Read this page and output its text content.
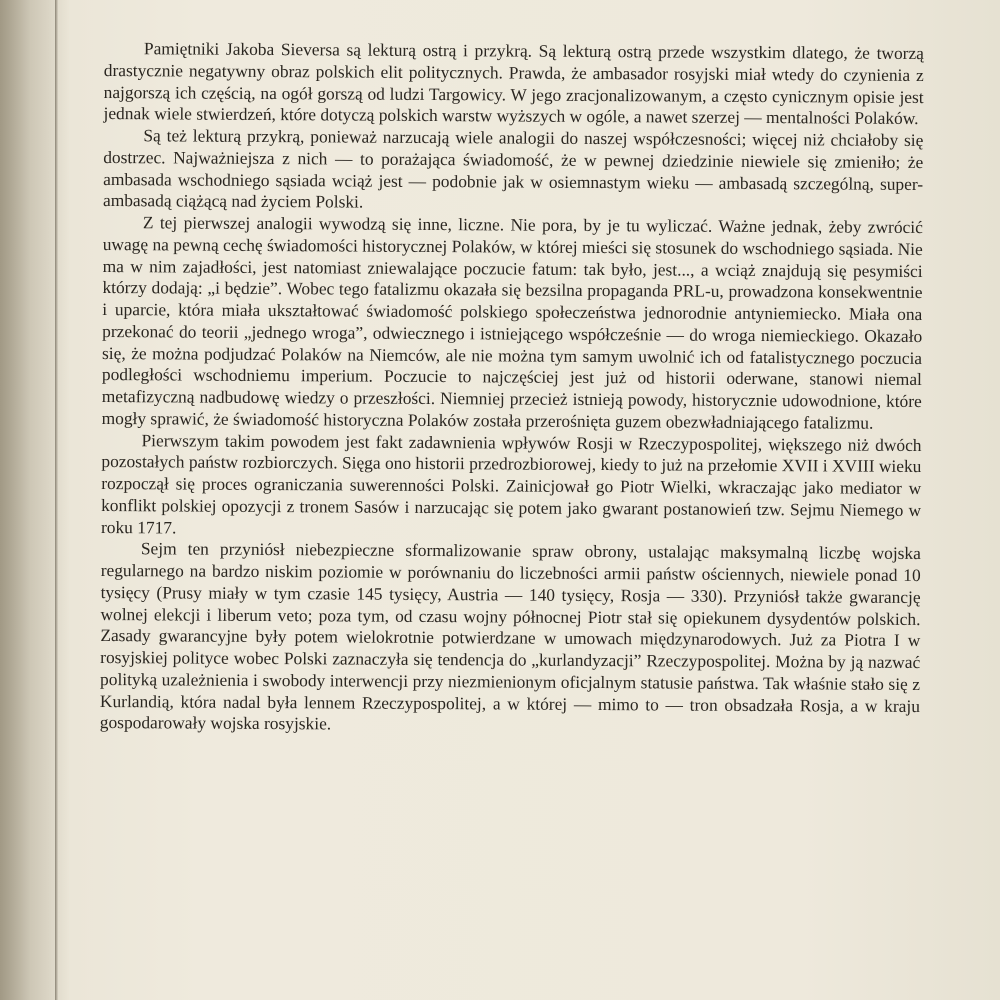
Pamiętniki Jakoba Sieversa są lekturą ostrą i przykrą. Są lekturą ostrą przede wszystkim dlatego, że tworzą drastycznie negatywny obraz polskich elit politycznych. Prawda, że ambasador rosyjski miał wtedy do czynienia z najgorszą ich częścią, na ogół gorszą od ludzi Targowicy. W jego zracjonalizowanym, a często cynicznym opisie jest jednak wiele stwierdzeń, które dotyczą polskich warstw wyższych w ogóle, a nawet szerzej — mentalności Polaków.

Są też lekturą przykrą, ponieważ narzucają wiele analogii do naszej współczesności; więcej niż chciałoby się dostrzec. Najważniejsza z nich — to porażająca świadomość, że w pewnej dziedzinie niewiele się zmieniło; że ambasada wschodniego sąsiada wciąż jest — podobnie jak w osiemnastym wieku — ambasadą szczególną, super-ambasadą ciążącą nad życiem Polski.

Z tej pierwszej analogii wywodzą się inne, liczne. Nie pora, by je tu wyliczać. Ważne jednak, żeby zwrócić uwagę na pewną cechę świadomości historycznej Polaków, w której mieści się stosunek do wschodniego sąsiada. Nie ma w nim zajadłości, jest natomiast zniewalające poczucie fatum: tak było, jest..., a wciąż znajdują się pesymiści którzy dodają: „i będzie”. Wobec tego fatalizmu okazała się bezsilna propaganda PRL-u, prowadzona konsekwentnie i uparcie, która miała ukształtować świadomość polskiego społeczeństwa jednorodnie antyniemiecko. Miała ona przekonać do teorii „jednego wroga”, odwiecznego i istniejącego współcześnie — do wroga niemieckiego. Okazało się, że można podjudzać Polaków na Niemców, ale nie można tym samym uwolnić ich od fatalistycznego poczucia podległości wschodniemu imperium. Poczucie to najczęściej jest już od historii oderwane, stanowi niemal metafizyczną nadbudowę wiedzy o przeszłości. Niemniej przecież istnieją powody, historycznie udowodnione, które mogły sprawić, że świadomość historyczna Polaków została przerośnięta guzem obezwładniającego fatalizmu.

Pierwszym takim powodem jest fakt zadawnienia wpływów Rosji w Rzeczypospolitej, większego niż dwóch pozostałych państw rozbiorczych. Sięga ono historii przedrozbiorowej, kiedy to już na przełomie XVII i XVIII wieku rozpoczął się proces ograniczania suwerenności Polski. Zainicjował go Piotr Wielki, wkraczając jako mediator w konflikt polskiej opozycji z tronem Sasów i narzucając się potem jako gwarant postanowień tzw. Sejmu Niemego w roku 1717.

Sejm ten przyniósł niebezpieczne sformalizowanie spraw obrony, ustalając maksymalną liczbę wojska regularnego na bardzo niskim poziomie w porównaniu do liczebności armii państw ościennych, niewiele ponad 10 tysięcy (Prusy miały w tym czasie 145 tysięcy, Austria — 140 tysięcy, Rosja — 330). Przyniósł także gwarancję wolnej elekcji i liberum veto; poza tym, od czasu wojny północnej Piotr stał się opiekunem dysydentów polskich. Zasady gwarancyjne były potem wielokrotnie potwierdzane w umowach międzynarodowych. Już za Piotra I w rosyjskiej polityce wobec Polski zaznaczyła się tendencja do „kurlandyzacji” Rzeczypospolitej. Można by ją nazwać polityką uzależnienia i swobody interwencji przy niezmienionym oficjalnym statusie państwa. Tak właśnie stało się z Kurlandią, która nadal była lennem Rzeczypospolitej, a w której — mimo to — tron obsadzała Rosja, a w kraju gospodarowały wojska rosyjskie.
